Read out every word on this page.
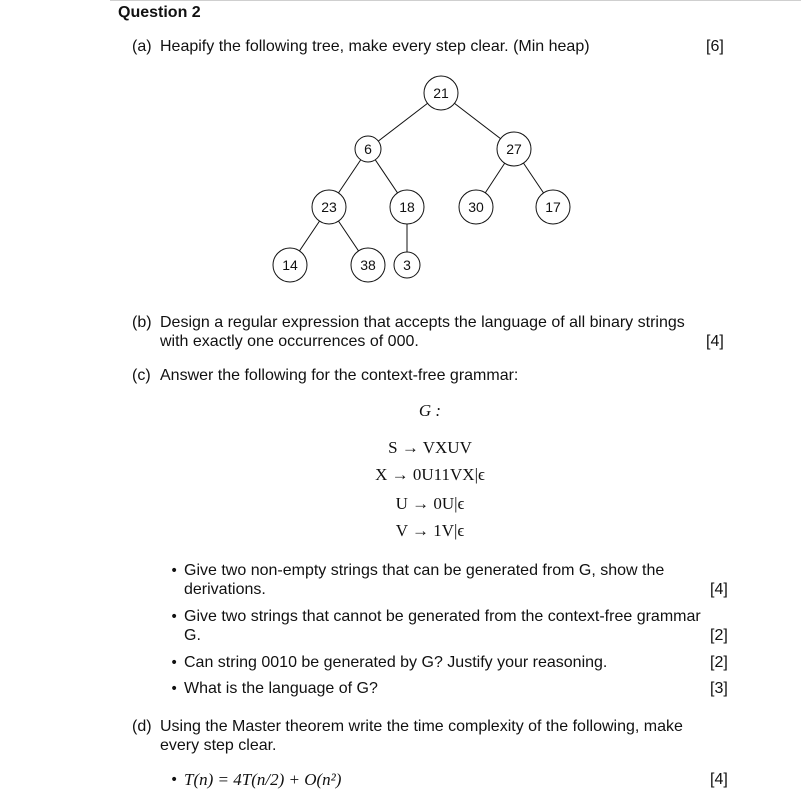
Question 2
(a) Heapify the following tree, make every step clear. (Min heap)	[6]
21
6	27
23	18	30	17
14	38 3
(b) Design a regular expression that accepts the language of all binary strings
with exactly one occurrences of 000.	[4]
(c) Answer the following for the context-free grammar:
G :
S → VXUV
X → 0U11VX|ϵ
U → 0U|ϵ
V → 1V|ϵ
• Give two non-empty strings that can be generated from G, show the
derivations.	[4]
• Give two strings that cannot be generated from the context-free grammar
G.	[2]
• Can string 0010 be generated by G? Justify your reasoning.	[2]
• What is the language of G?	[3]
(d) Using the Master theorem write the time complexity of the following, make
every step clear.
• T(n) = 4T(n/2) + O(n²)	[4]
